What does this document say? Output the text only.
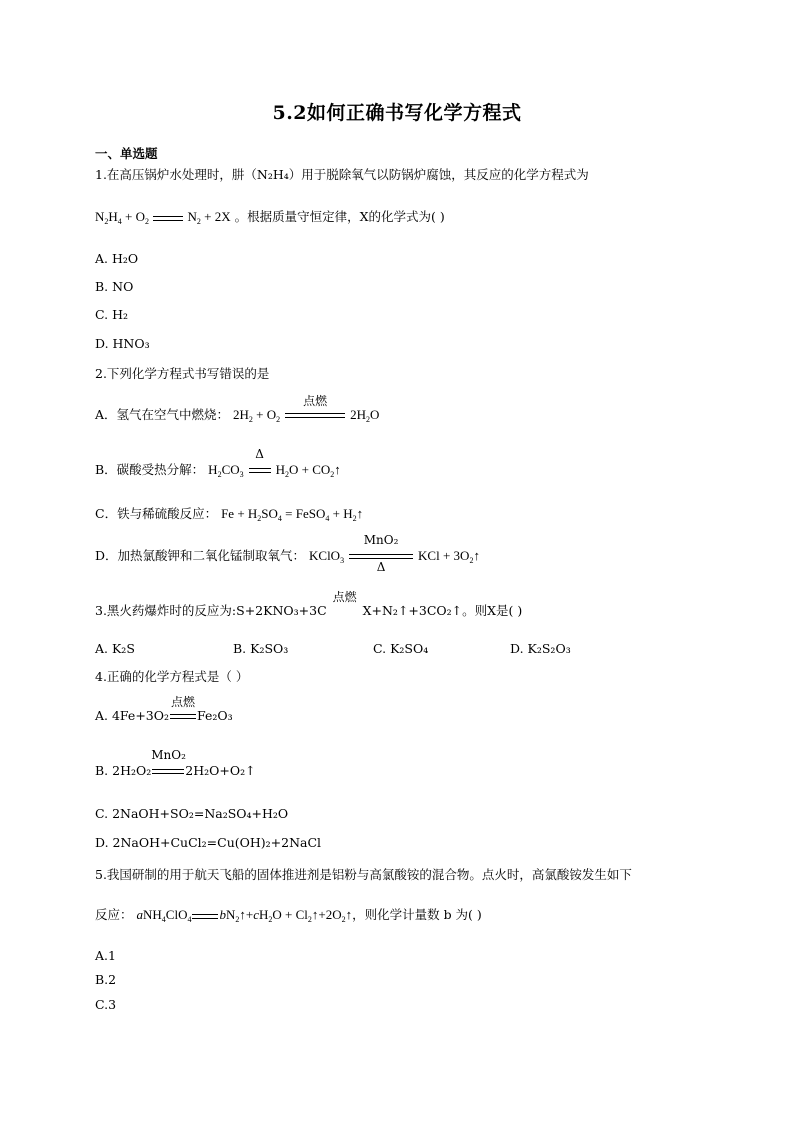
5.2如何正确书写化学方程式
一、单选题
1.在高压锅炉水处理时，肼（N₂H₄）用于脱除氧气以防锅炉腐蚀，其反应的化学方程式为
$N_2H_4 + O_2$	$N_2 + 2X$ 。根据质量守恒定律，X的化学式为( )
A. H₂O
B. NO
C. H₂
D. HNO₃
2.下列化学方程式书写错误的是
A．氢气在空气中燃烧： $2H_2 + O_2$
点燃
$2H_2O$
B．碳酸受热分解： $H_2CO_3$
Δ
$H_2O$ + $CO_2↑$
C．铁与稀硫酸反应： $Fe + H_2SO_4$ = FeSO$_4$ + $H_2↑$
D．加热氯酸钾和二氧化锰制取氧气： KClO$_3$
MnO₂
Δ
KCl + $3O_2↑$
3.黑火药爆炸时的反应为:S+2KNO₃+3C
点燃
X+N₂↑+3CO₂↑。则X是( )
A. K₂S	B. K₂SO₃	C. K₂SO₄	D. K₂S₂O₃
4.正确的化学方程式是（ ）
A. 4Fe+3O₂
点燃
Fe₂O₃
B. 2H₂O₂
MnO₂
2H₂O+O₂↑
C. 2NaOH+SO₂=Na₂SO₄+H₂O
D. 2NaOH+CuCl₂=Cu(OH)₂+2NaCl
5.我国研制的用于航天飞船的固体推进剂是铝粉与高氯酸铵的混合物。点火时，高氯酸铵发生如下
反应： aNH$_4$ClO$_4$ $bN_2↑+cH_2O$ + $Cl_2↑+2O_2↑$，则化学计量数 b 为( )
A.1
B.2
C.3
